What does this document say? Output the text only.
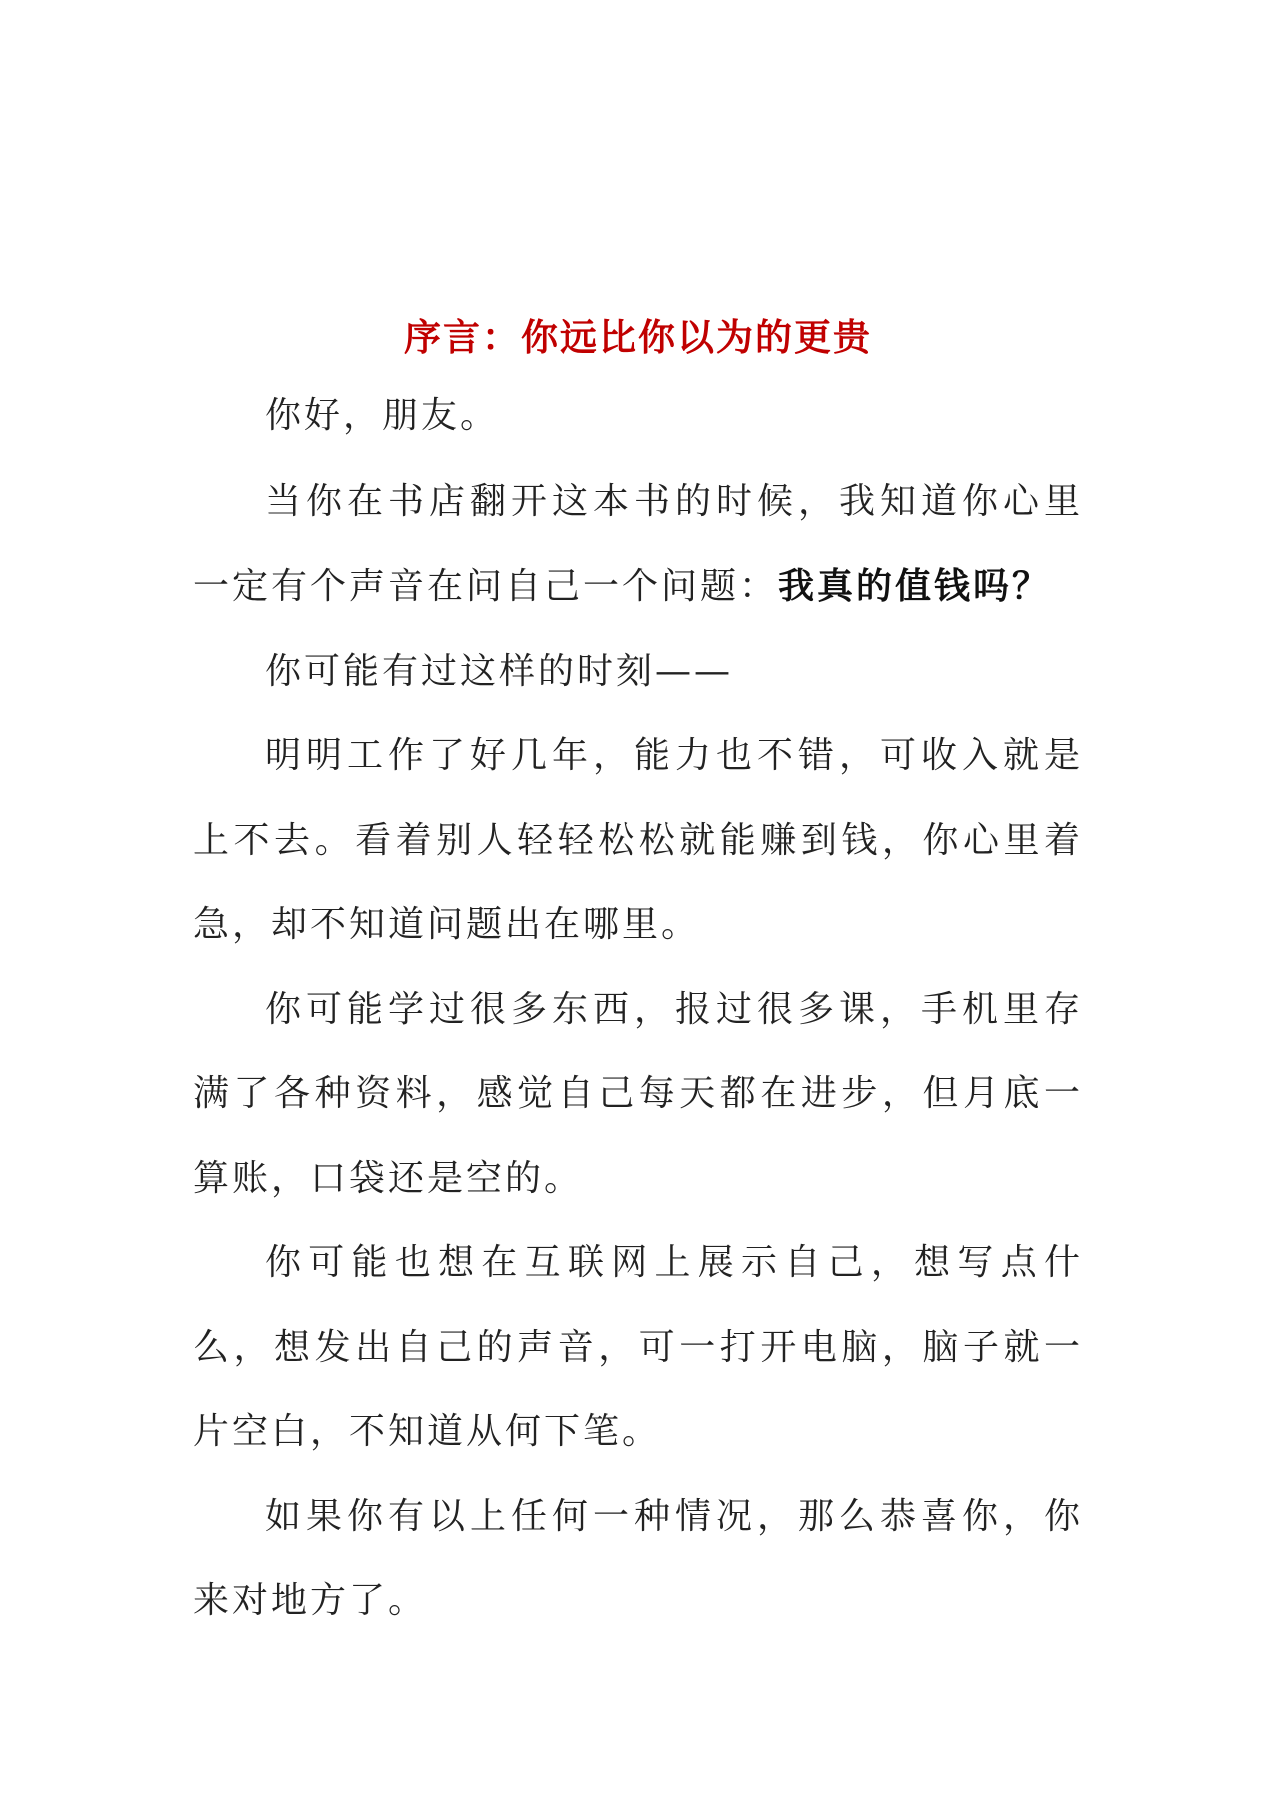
序言：你远比你以为的更贵

你好，朋友。

当你在书店翻开这本书的时候，我知道你心里一定有个声音在问自己一个问题：我真的值钱吗？

你可能有过这样的时刻——

明明工作了好几年，能力也不错，可收入就是上不去。看着别人轻轻松松就能赚到钱，你心里着急，却不知道问题出在哪里。

你可能学过很多东西，报过很多课，手机里存满了各种资料，感觉自己每天都在进步，但月底一算账，口袋还是空的。

你可能也想在互联网上展示自己，想写点什么，想发出自己的声音，可一打开电脑，脑子就一片空白，不知道从何下笔。

如果你有以上任何一种情况，那么恭喜你，你来对地方了。
